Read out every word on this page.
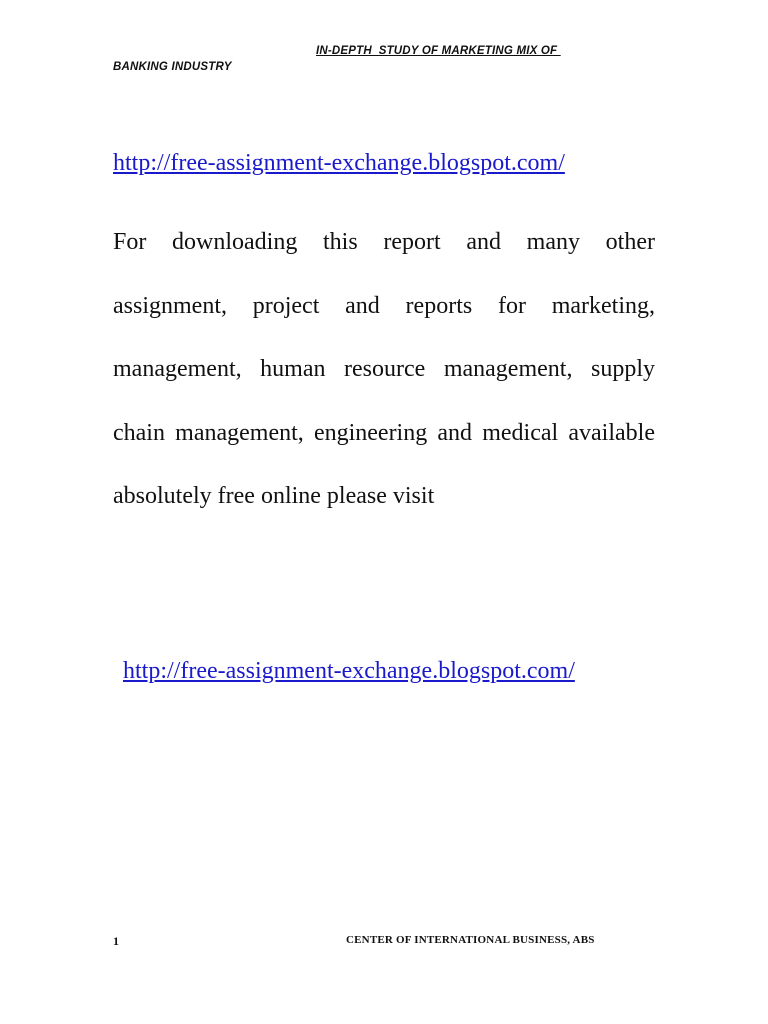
IN-DEPTH  STUDY OF MARKETING MIX OF
BANKING INDUSTRY
http://free-assignment-exchange.blogspot.com/
For downloading this report and many other assignment, project and reports for marketing, management, human resource management, supply chain management, engineering and medical available absolutely free online please visit
http://free-assignment-exchange.blogspot.com/
1	CENTER OF INTERNATIONAL BUSINESS, ABS
